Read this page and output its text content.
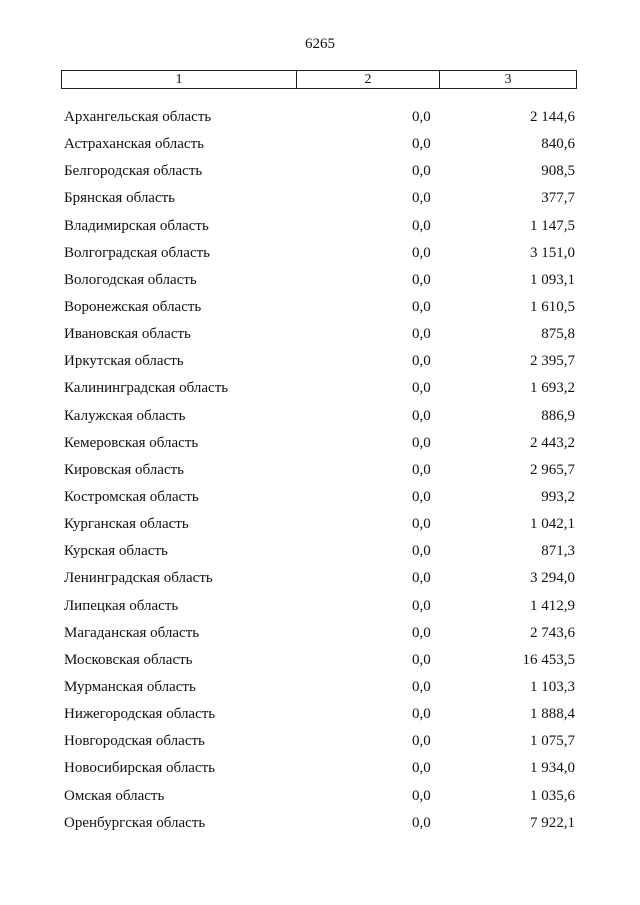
6265
1	2	3
Архангельская область	0,0	2 144,6
Астраханская область	0,0	840,6
Белгородская область	0,0	908,5
Брянская область	0,0	377,7
Владимирская область	0,0	1 147,5
Волгоградская область	0,0	3 151,0
Вологодская область	0,0	1 093,1
Воронежская область	0,0	1 610,5
Ивановская область	0,0	875,8
Иркутская область	0,0	2 395,7
Калининградская область	0,0	1 693,2
Калужская область	0,0	886,9
Кемеровская область	0,0	2 443,2
Кировская область	0,0	2 965,7
Костромская область	0,0	993,2
Курганская область	0,0	1 042,1
Курская область	0,0	871,3
Ленинградская область	0,0	3 294,0
Липецкая область	0,0	1 412,9
Магаданская область	0,0	2 743,6
Московская область	0,0	16 453,5
Мурманская область	0,0	1 103,3
Нижегородская область	0,0	1 888,4
Новгородская область	0,0	1 075,7
Новосибирская область	0,0	1 934,0
Омская область	0,0	1 035,6
Оренбургская область	0,0	7 922,1
